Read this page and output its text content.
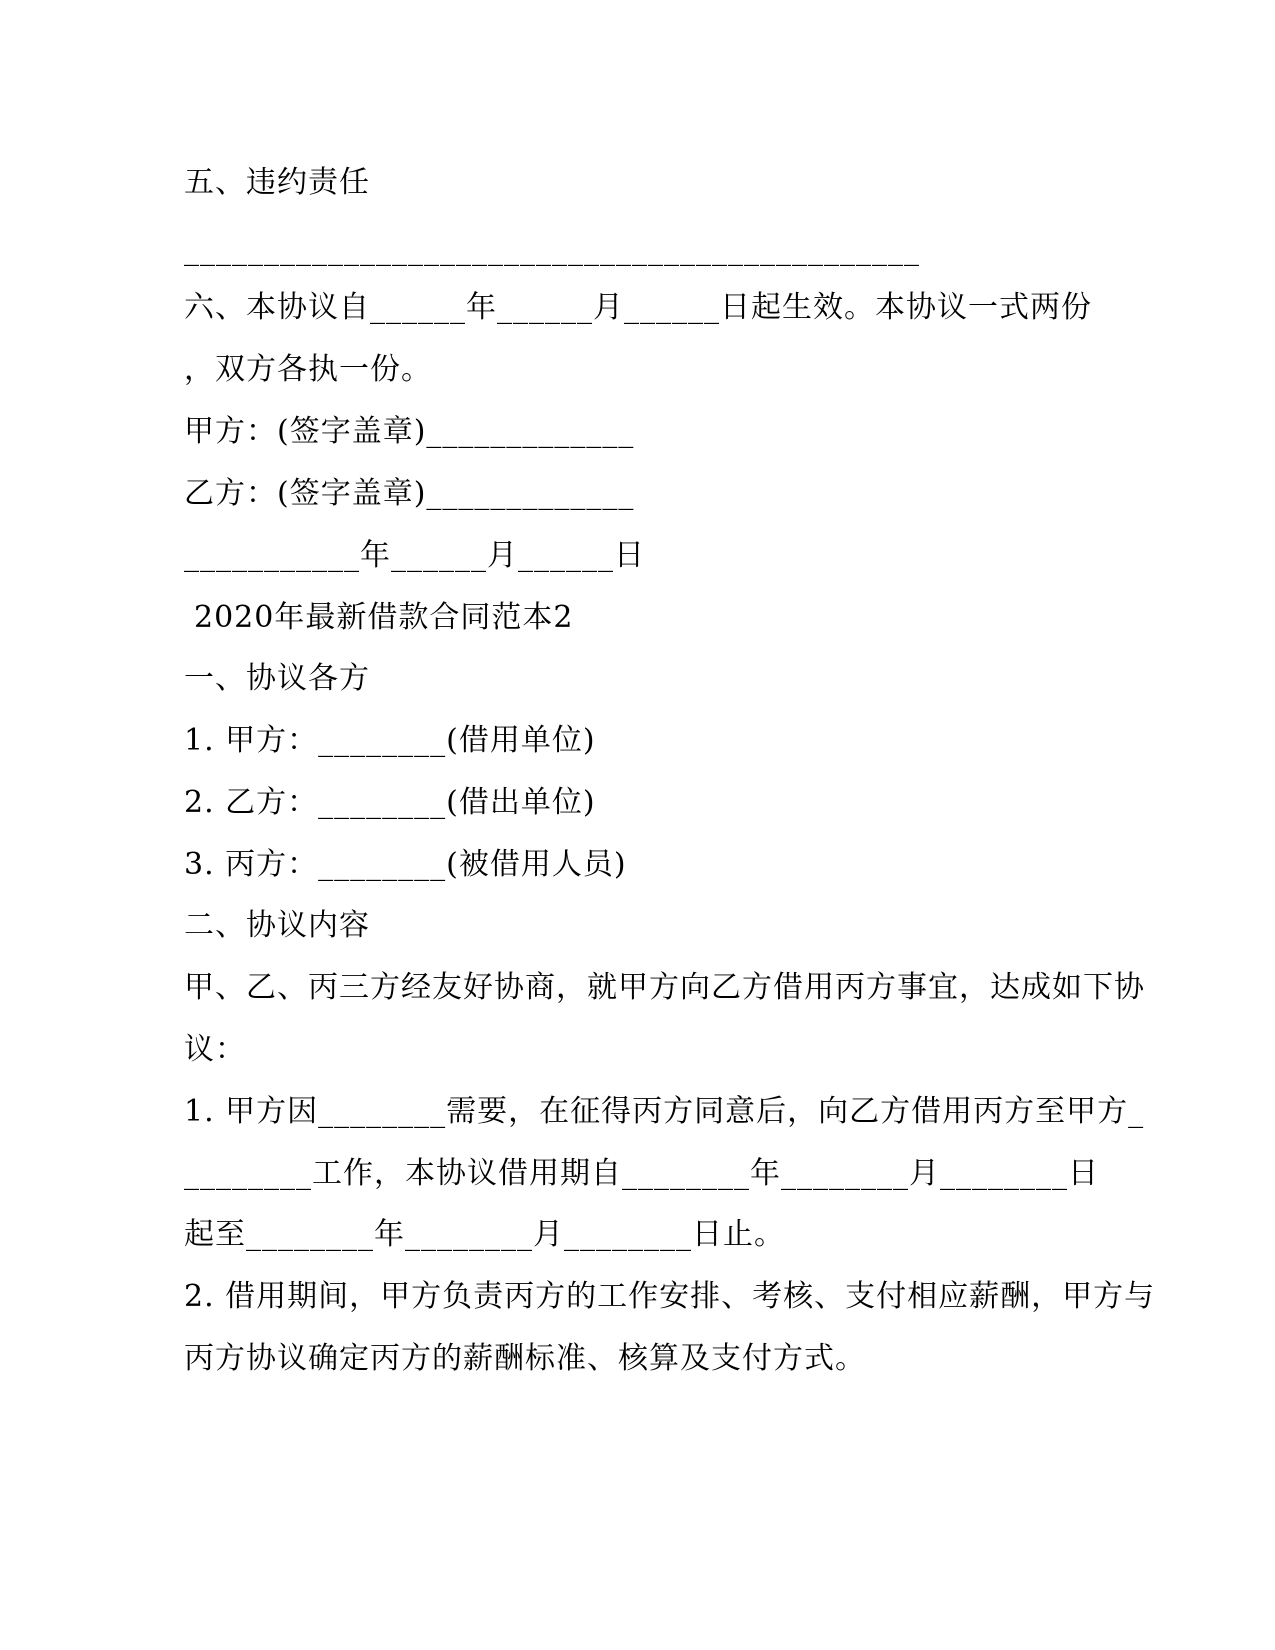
五、违约责任
______________________________________________
六、本协议自______年______月______日起生效。本协议一式两份
，双方各执一份。
甲方：(签字盖章)_____________
乙方：(签字盖章)_____________
___________年______月______日
2020年最新借款合同范本2
一、协议各方
1. 甲方：________(借用单位)
2. 乙方：________(借出单位)
3. 丙方：________(被借用人员)
二、协议内容
甲、乙、丙三方经友好协商，就甲方向乙方借用丙方事宜，达成如下协
议：
1. 甲方因________需要，在征得丙方同意后，向乙方借用丙方至甲方_
________工作，本协议借用期自________年________月________日
起至________年________月________日止。
2. 借用期间，甲方负责丙方的工作安排、考核、支付相应薪酬，甲方与
丙方协议确定丙方的薪酬标准、核算及支付方式。
